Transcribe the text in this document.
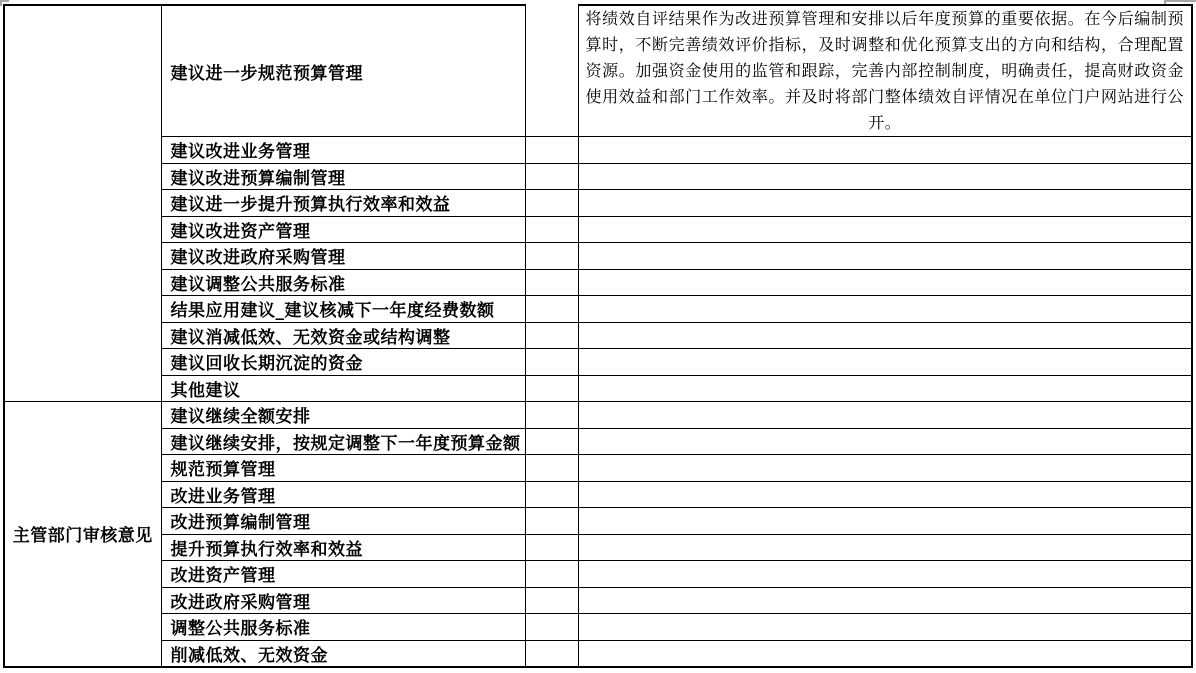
	建议进一步规范预算管理		将绩效自评结果作为改进预算管理和安排以后年度预算的重要依据。在今后编制预算时，不断完善绩效评价指标，及时调整和优化预算支出的方向和结构，合理配置资源。加强资金使用的监管和跟踪，完善内部控制制度，明确责任，提高财政资金使用效益和部门工作效率。并及时将部门整体绩效自评情况在单位门户网站进行公开。

	建议改进业务管理		
	建议改进预算编制管理		
	建议进一步提升预算执行效率和效益		
	建议改进资产管理		
	建议改进政府采购管理		
	建议调整公共服务标准		
	结果应用建议_建议核减下一年度经费数额		
	建议消减低效、无效资金或结构调整		
	建议回收长期沉淀的资金		
	其他建议		
主管部门审核意见	建议继续全额安排		
	建议继续安排，按规定调整下一年度预算金额		
	规范预算管理		
	改进业务管理		
	改进预算编制管理		
	提升预算执行效率和效益		
	改进资产管理		
	改进政府采购管理		
	调整公共服务标准		
	削减低效、无效资金		
